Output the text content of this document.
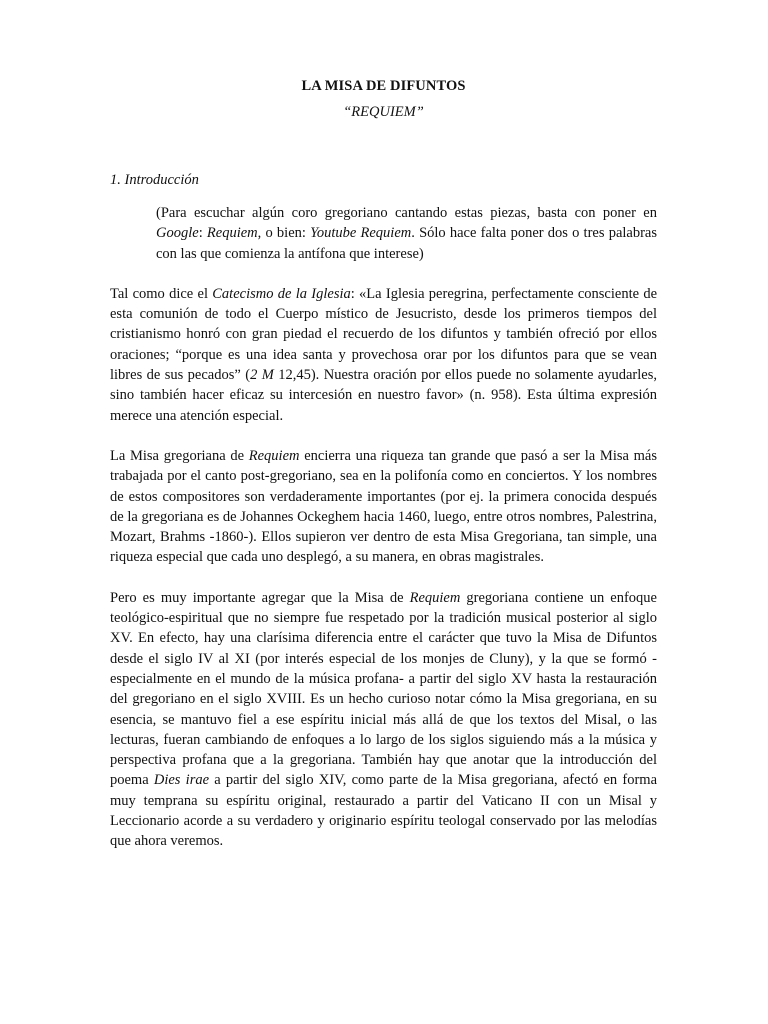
LA MISA DE DIFUNTOS
“REQUIEM”
1. Introducción

(Para escuchar algún coro gregoriano cantando estas piezas, basta con poner en Google: Requiem, o bien: Youtube Requiem. Sólo hace falta poner dos o tres palabras con las que comienza la antífona que interese)

Tal como dice el Catecismo de la Iglesia: «La Iglesia peregrina, perfectamente consciente de esta comunión de todo el Cuerpo místico de Jesucristo, desde los primeros tiempos del cristianismo honró con gran piedad el recuerdo de los difuntos y también ofreció por ellos oraciones; “porque es una idea santa y provechosa orar por los difuntos para que se vean libres de sus pecados” (2 M 12,45). Nuestra oración por ellos puede no solamente ayudarles, sino también hacer eficaz su intercesión en nuestro favor» (n. 958). Esta última expresión merece una atención especial.

La Misa gregoriana de Requiem encierra una riqueza tan grande que pasó a ser la Misa más trabajada por el canto post-gregoriano, sea en la polifonía como en conciertos. Y los nombres de estos compositores son verdaderamente importantes (por ej. la primera conocida después de la gregoriana es de Johannes Ockeghem hacia 1460, luego, entre otros nombres, Palestrina, Mozart, Brahms -1860-). Ellos supieron ver dentro de esta Misa Gregoriana, tan simple, una riqueza especial que cada uno desplegó, a su manera, en obras magistrales.

Pero es muy importante agregar que la Misa de Requiem gregoriana contiene un enfoque teológico-espiritual que no siempre fue respetado por la tradición musical posterior al siglo XV. En efecto, hay una clarísima diferencia entre el carácter que tuvo la Misa de Difuntos desde el siglo IV al XI (por interés especial de los monjes de Cluny), y la que se formó -especialmente en el mundo de la música profana- a partir del siglo XV hasta la restauración del gregoriano en el siglo XVIII. Es un hecho curioso notar cómo la Misa gregoriana, en su esencia, se mantuvo fiel a ese espíritu inicial más allá de que los textos del Misal, o las lecturas, fueran cambiando de enfoques a lo largo de los siglos siguiendo más a la música y perspectiva profana que a la gregoriana. También hay que anotar que la introducción del poema Dies irae a partir del siglo XIV, como parte de la Misa gregoriana, afectó en forma muy temprana su espíritu original, restaurado a partir del Vaticano II con un Misal y Leccionario acorde a su verdadero y originario espíritu teologal conservado por las melodías que ahora veremos.
